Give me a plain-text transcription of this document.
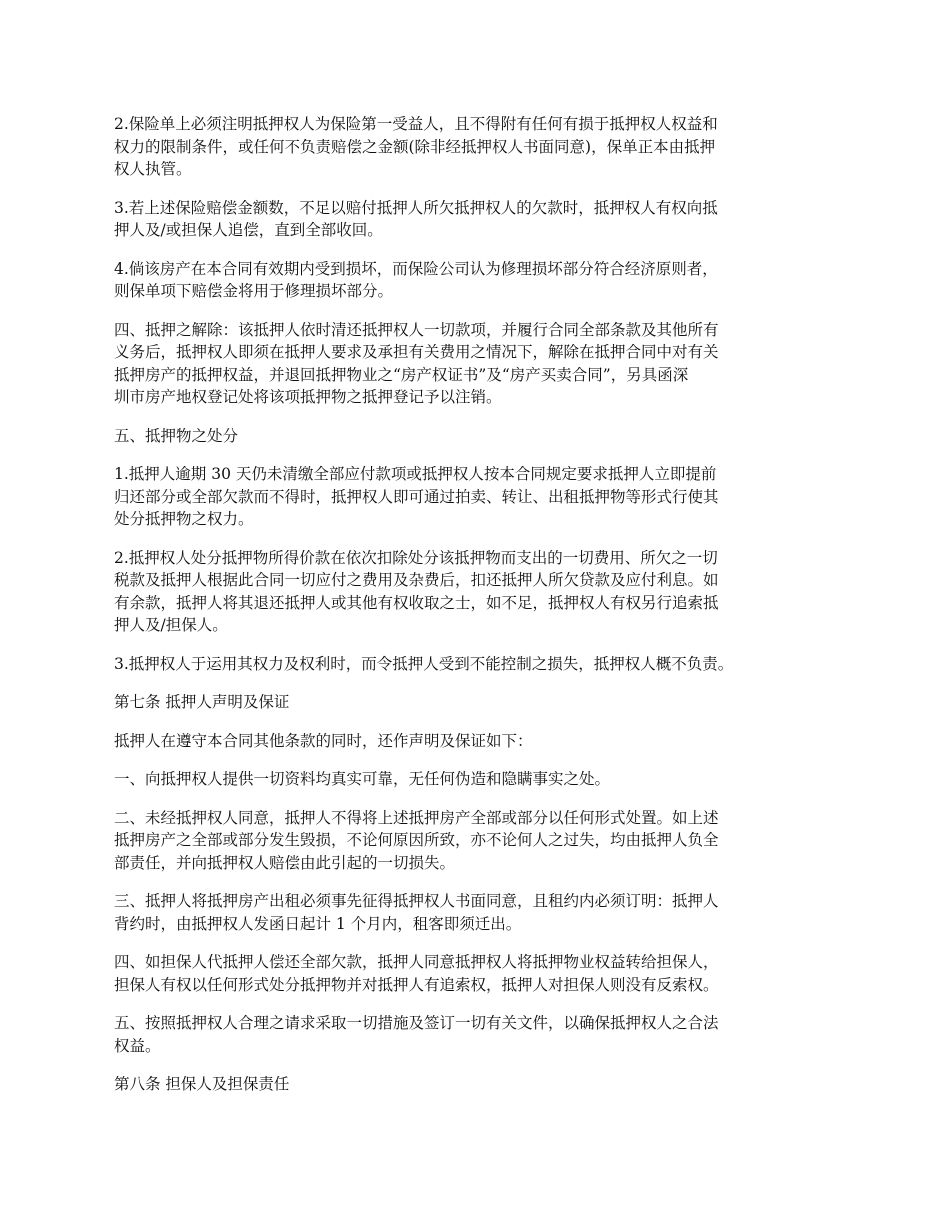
2.保险单上必须注明抵押权人为保险第一受益人，且不得附有任何有损于抵押权人权益和
权力的限制条件，或任何不负责赔偿之金额(除非经抵押权人书面同意)，保单正本由抵押
权人执管。

3.若上述保险赔偿金额数，不足以赔付抵押人所欠抵押权人的欠款时，抵押权人有权向抵
押人及/或担保人追偿，直到全部收回。

4.倘该房产在本合同有效期内受到损坏，而保险公司认为修理损坏部分符合经济原则者，
则保单项下赔偿金将用于修理损坏部分。

四、抵押之解除：该抵押人依时清还抵押权人一切款项，并履行合同全部条款及其他所有
义务后，抵押权人即须在抵押人要求及承担有关费用之情况下，解除在抵押合同中对有关
抵押房产的抵押权益，并退回抵押物业之“房产权证书”及“房产买卖合同”，另具函深
圳市房产地权登记处将该项抵押物之抵押登记予以注销。

五、抵押物之处分

1.抵押人逾期 30 天仍未清缴全部应付款项或抵押权人按本合同规定要求抵押人立即提前
归还部分或全部欠款而不得时，抵押权人即可通过拍卖、转让、出租抵押物等形式行使其
处分抵押物之权力。

2.抵押权人处分抵押物所得价款在依次扣除处分该抵押物而支出的一切费用、所欠之一切
税款及抵押人根据此合同一切应付之费用及杂费后，扣还抵押人所欠贷款及应付利息。如
有余款，抵押人将其退还抵押人或其他有权收取之士，如不足，抵押权人有权另行追索抵
押人及/担保人。

3.抵押权人于运用其权力及权利时，而令抵押人受到不能控制之损失，抵押权人概不负责。

第七条 抵押人声明及保证

抵押人在遵守本合同其他条款的同时，还作声明及保证如下：

一、向抵押权人提供一切资料均真实可靠，无任何伪造和隐瞒事实之处。

二、未经抵押权人同意，抵押人不得将上述抵押房产全部或部分以任何形式处置。如上述
抵押房产之全部或部分发生毁损，不论何原因所致，亦不论何人之过失，均由抵押人负全
部责任，并向抵押权人赔偿由此引起的一切损失。

三、抵押人将抵押房产出租必须事先征得抵押权人书面同意，且租约内必须订明：抵押人
背约时，由抵押权人发函日起计 1 个月内，租客即须迁出。

四、如担保人代抵押人偿还全部欠款，抵押人同意抵押权人将抵押物业权益转给担保人，
担保人有权以任何形式处分抵押物并对抵押人有追索权，抵押人对担保人则没有反索权。

五、按照抵押权人合理之请求采取一切措施及签订一切有关文件，以确保抵押权人之合法
权益。

第八条 担保人及担保责任
